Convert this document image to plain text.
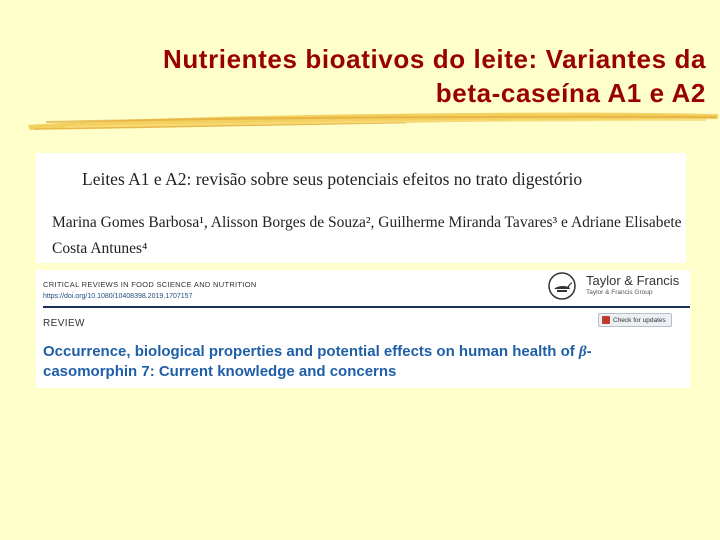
Nutrientes bioativos do leite: Variantes da
beta-caseína A1 e A2
Leites A1 e A2: revisão sobre seus potenciais efeitos no trato digestório

Marina Gomes Barbosa¹, Alisson Borges de Souza², Guilherme Miranda Tavares³ e Adriane Elisabete Costa Antunes⁴

CRITICAL REVIEWS IN FOOD SCIENCE AND NUTRITION
https://doi.org/10.1080/10408398.2019.1707157
Taylor & Francis
Taylor & Francis Group
Check for updates
REVIEW
Occurrence, biological properties and potential effects on human health of β-casomorphin 7: Current knowledge and concerns
